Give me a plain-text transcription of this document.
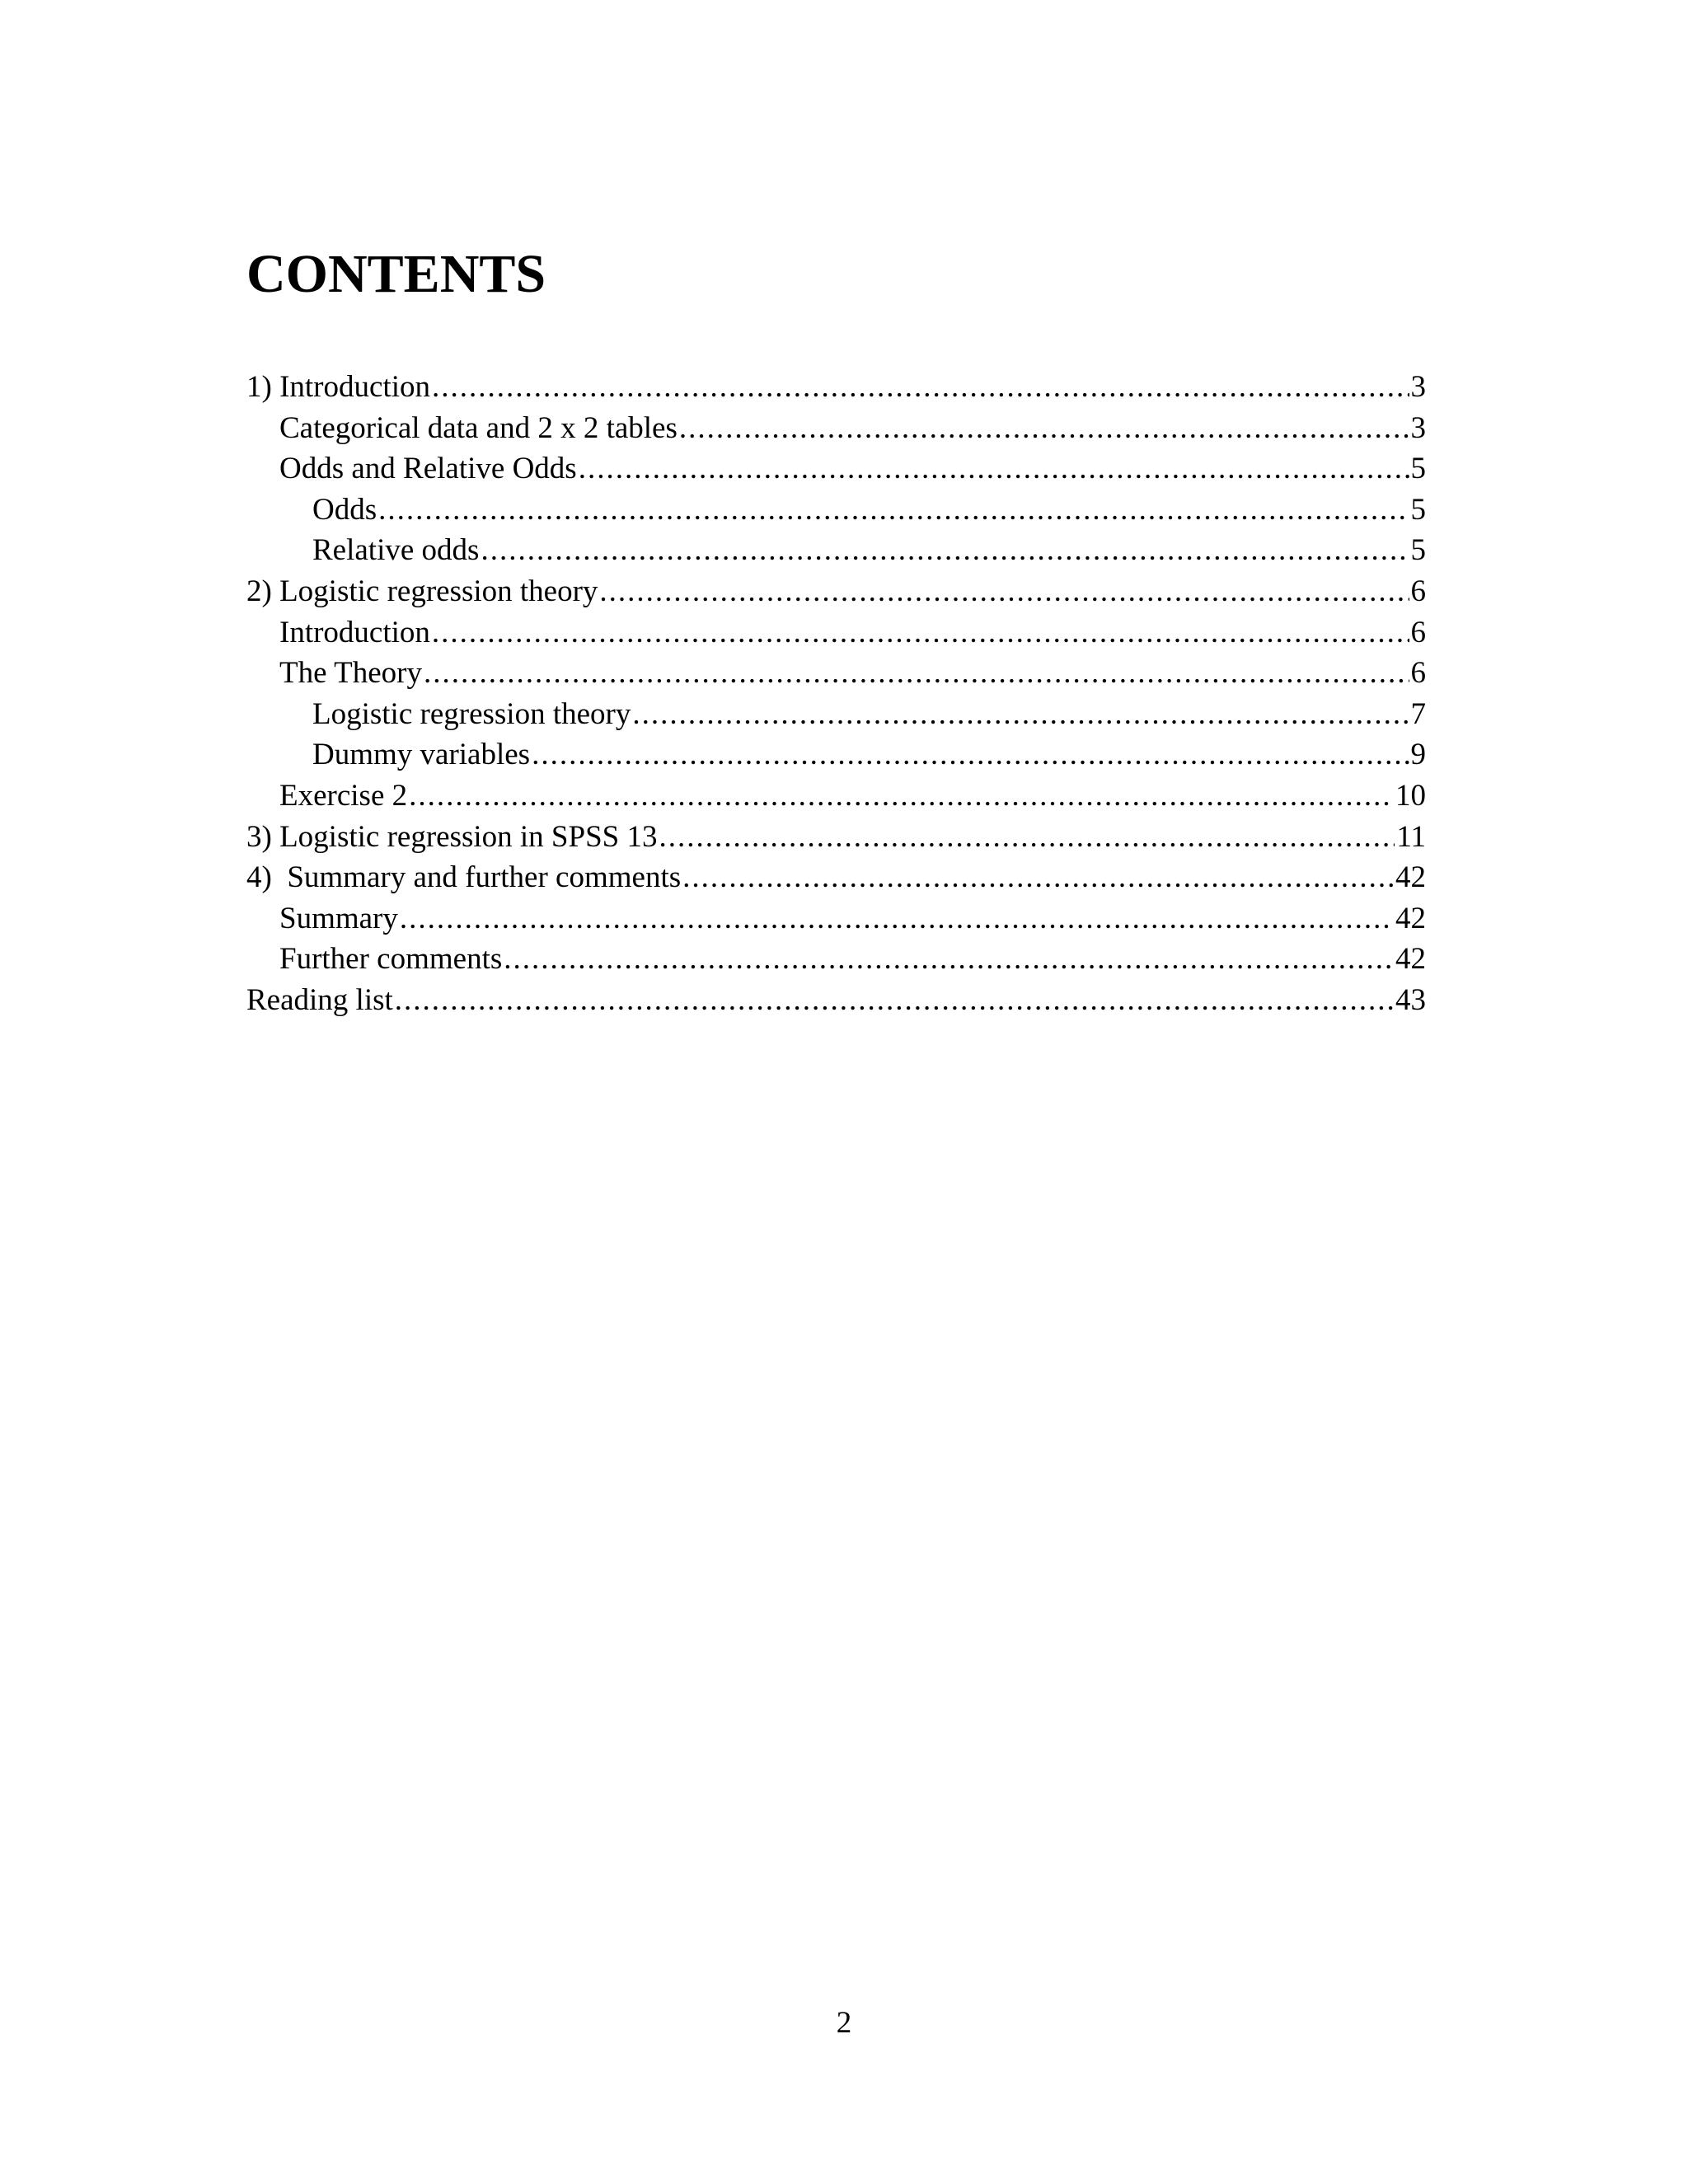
CONTENTS
1) Introduction .....	3
Categorical data and 2 x 2 tables .....	3
Odds and Relative Odds .....	5
Odds .....	5
Relative odds .....	5
2) Logistic regression theory .....	6
Introduction .....	6
The Theory .....	6
Logistic regression theory .....	7
Dummy variables .....	9
Exercise 2 .....	10
3) Logistic regression in SPSS 13 .....	11
4)  Summary and further comments .....	42
Summary .....	42
Further comments .....	42
Reading list .....	43
2
